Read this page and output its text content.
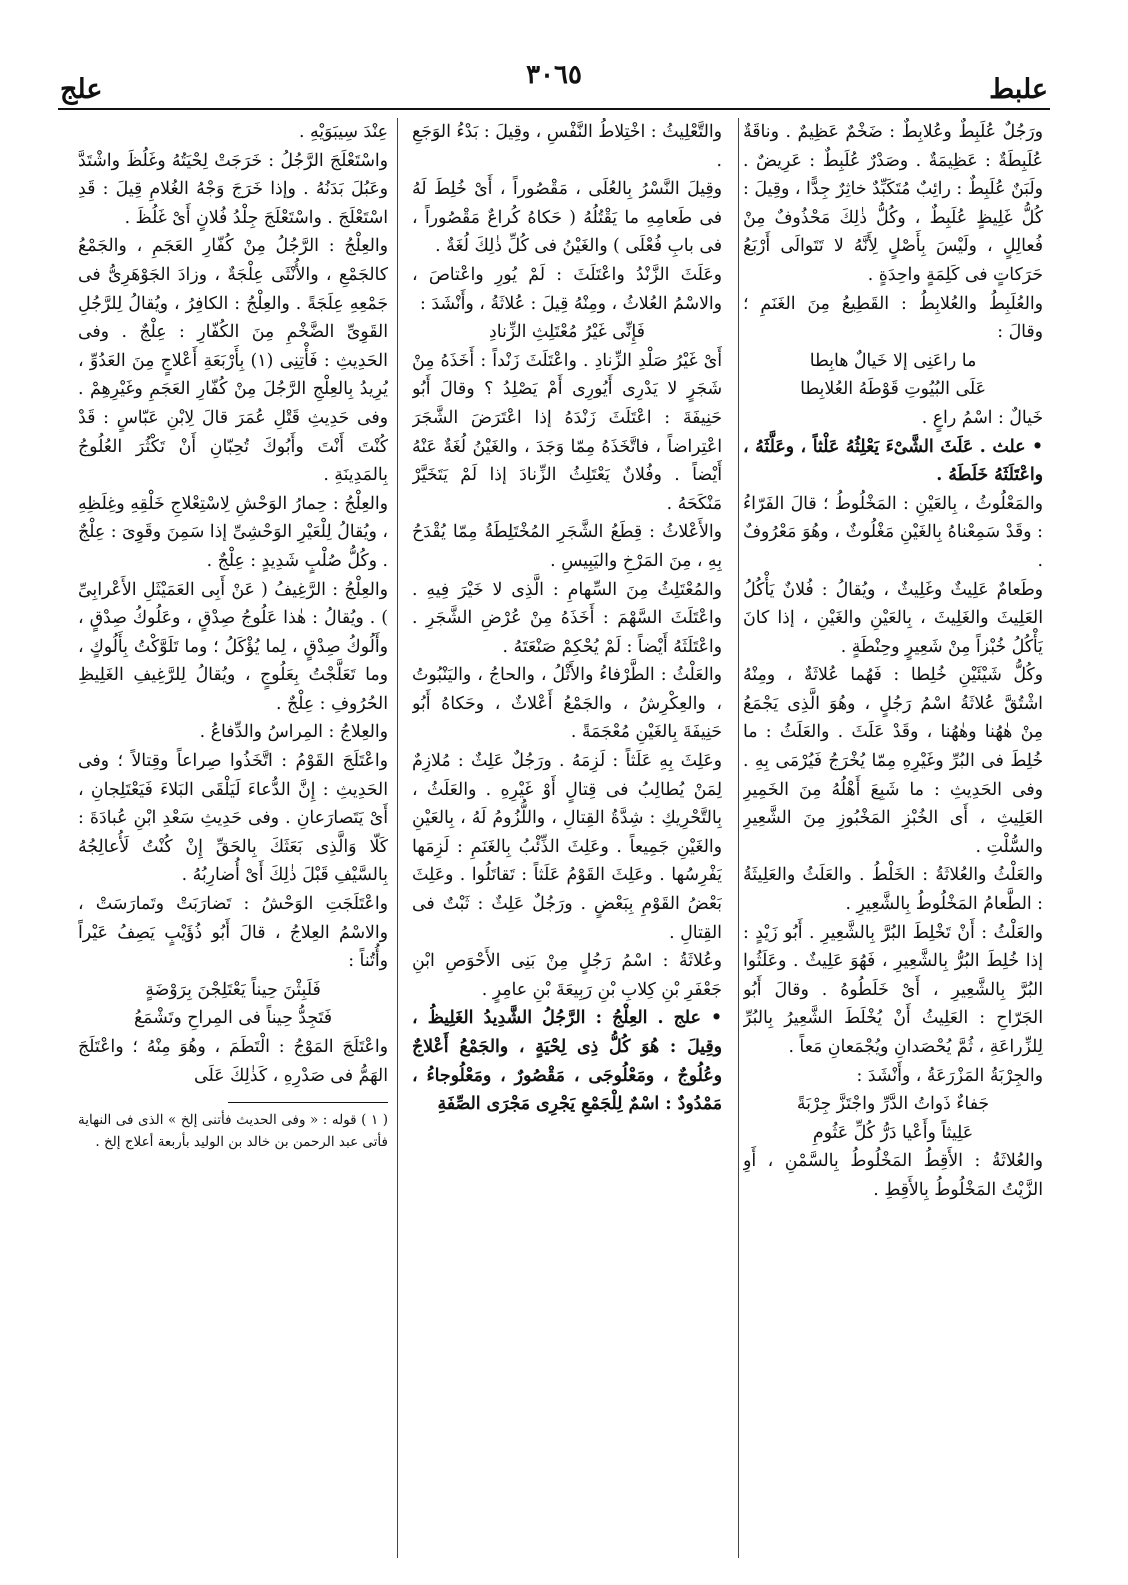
علبط
٣٠٦٥
علج

ورَجُلٌ عُلَبِطٌ وعُلابِطٌ : ضَخْمٌ عَظِيمٌ . وناقَةٌ عُلَبِطَةٌ : عَظِيمَةٌ . وصَدْرٌ عُلَبِطٌ : عَرِيضٌ . ولَبَنٌ عُلَبِطٌ : رائِبٌ مُتَكَبِّدٌ خاثِرٌ جِدًّا ، وقِيلَ : كُلُّ غَلِيظٍ عُلَبِطٌ ، وكُلُّ ذٰلِكَ مَحْذُوفٌ مِنْ فُعالِلٍ ، ولَيْسَ بِأَصْلٍ لِأَنَّهُ لا تَتَوالَى أَرْبَعُ حَرَكاتٍ فى كَلِمَةٍ واحِدَةٍ .

والعُلَبِطُ والعُلابِطُ : القَطِيعُ مِنَ الغَنَمِ ؛ وقالَ :

ما راعَنِى إلا خَيالٌ هابِطا

عَلَى البُيُوتِ قَوْطَهُ العُلابِطا

خَيالٌ : اسْمُ راعٍ .

• علث . عَلَثَ الشَّىْءَ يَعْلِثُهُ عَلْثاً ، وعَلَّثَهُ ، واعْتَلَثَهُ خَلَطَهُ .

والمَعْلُوثُ ، بِالعَيْنِ : المَخْلُوطُ ؛ قالَ الفَرّاءُ : وقَدْ سَمِعْناهُ بِالغَيْنِ مَغْلُوثٌ ، وهُوَ مَعْرُوفٌ .

وطَعامٌ عَلِيثٌ وغَلِيثٌ ، ويُقالُ : فُلانٌ يَأْكُلُ العَلِيثَ والغَلِيثَ ، بِالعَيْنِ والغَيْنِ ، إذا كانَ يَأْكُلُ خُبْزاً مِنْ شَعِيرٍ وحِنْطَةٍ .

وكُلُّ شَيْئَيْنِ خُلِطا : فَهُما عُلاثَةٌ ، ومِنْهُ اشْتُقَّ عُلاثَةُ اسْمُ رَجُلٍ ، وهُوَ الَّذِى يَجْمَعُ مِنْ هٰهُنا وهٰهُنا ، وقَدْ عَلَثَ . والعَلَثُ : ما خُلِطَ فى البُرِّ وغَيْرِهِ مِمّا يُخْرَجُ فَيُرْمَى بِهِ . وفى الحَدِيثِ : ما شَبِعَ أَهْلُهُ مِنَ الخَمِيرِ العَلِيثِ ، أَى الخُبْزِ المَخْبُوزِ مِنَ الشَّعِيرِ والسُّلْتِ .

والعَلْثُ والعُلاثَةُ : الخَلْطُ . والعَلَثُ والعَلِيثَةُ : الطَّعامُ المَخْلُوطُ بِالشَّعِيرِ .

والعَلْثُ : أَنْ تَخْلِطَ البُرَّ بِالشَّعِيرِ . أَبُو زَيْدٍ : إذا خُلِطَ البُرُّ بِالشَّعِيرِ ، فَهُوَ عَلِيثٌ . وعَلَثُوا البُرَّ بِالشَّعِيرِ ، أَىْ خَلَطُوهُ . وقالَ أَبُو الجَرّاحِ : العَلِيثُ أَنْ يُخْلَطَ الشَّعِيرُ بِالبُرِّ لِلزِّراعَةِ ، ثُمَّ يُحْصَدانِ ويُجْمَعانِ مَعاً .

والجِرْبَةُ المَزْرَعَةُ ، وأَنْشَدَ :

جَفاءٌ ذَواتُ الدَّرِّ واجْتَزَّ جِرْبَةً

عَلِيثاً وأَعْيا دَرُّ كُلِّ عَثُومِ

والعُلاثَةُ : الأَقِطُ المَخْلُوطُ بِالسَّمْنِ ، أَوِ الزَّيْتُ المَخْلُوطُ بِالأَقِطِ .

والتَّعْلِيثُ : اخْتِلاطُ النَّفْسِ ، وقِيلَ : بَدْءُ الوَجَعِ .

وقِيلَ النَّسْرُ بِالعُلَى ، مَقْصُوراً ، أَىْ خُلِطَ لَهُ فى طَعامِهِ ما يَقْتُلُهُ ( حَكاهُ كُراعٌ مَقْصُوراً ، فى بابِ فُعْلَى ) والغَيْنُ فى كُلِّ ذٰلِكَ لُغَةٌ .

وعَلَثَ الزَّنْدُ واعْتَلَثَ : لَمْ يُورِ واعْتاصَ ، والاسْمُ العُلاثُ ، ومِنْهُ قِيلَ : عُلاثَةُ ، وأَنْشَدَ :

فَإِنِّى غَيْرُ مُعْتَلِثِ الزِّنادِ

أَىْ غَيْرُ صَلْدِ الزِّنادِ . واعْتَلَثَ زَنْداً : أَخَذَهُ مِنْ شَجَرٍ لا يَدْرِى أَيُورِى أَمْ يَصْلِدُ ؟ وقالَ أَبُو حَنِيفَةَ : اعْتَلَثَ زَنْدَهُ إذا اعْتَرَضَ الشَّجَرَ اعْتِراضاً ، فاتَّخَذَهُ مِمّا وَجَدَ ، والغَيْنُ لُغَةٌ عَنْهُ أَيْضاً . وفُلانٌ يَعْتَلِثُ الزِّنادَ إذا لَمْ يَتَخَيَّرْ مَنْكَحَهُ .

والأَعْلاثُ : قِطَعُ الشَّجَرِ المُخْتَلِطَةُ مِمّا يُقْدَحُ بِهِ ، مِنَ المَرْخِ واليَبِيسِ .

والمُعْتَلِثُ مِنَ السِّهامِ : الَّذِى لا خَيْرَ فِيهِ . واعْتَلَثَ السَّهْمَ : أَخَذَهُ مِنْ عُرْضِ الشَّجَرِ . واعْتَلَثَهُ أَيْضاً : لَمْ يُحْكِمْ صَنْعَتَهُ .

والعَلْثُ : الطَّرْفاءُ والأَثْلُ ، والحاجُ ، واليَنْبُوتُ ، والعِكْرِشُ ، والجَمْعُ أَعْلاثٌ ، وحَكاهُ أَبُو حَنِيفَةَ بِالغَيْنِ مُعْجَمَةً .

وعَلِثَ بِهِ عَلَثاً : لَزِمَهُ . ورَجُلٌ عَلِثٌ : مُلازِمٌ لِمَنْ يُطالِبُ فى قِتالٍ أَوْ غَيْرِهِ . والعَلَثُ ، بِالتَّحْرِيكِ : شِدَّةُ القِتالِ ، واللُّزُومُ لَهُ ، بِالعَيْنِ والغَيْنِ جَمِيعاً . وعَلِثَ الذِّئْبُ بِالغَنَمِ : لَزِمَها يَفْرِسُها . وعَلِثَ القَوْمُ عَلَثاً : تَقاتَلُوا . وعَلِثَ بَعْضُ القَوْمِ بِبَعْضٍ . ورَجُلٌ عَلِثٌ : ثَبْتٌ فى القِتالِ .

وعُلاثَةُ : اسْمُ رَجُلٍ مِنْ بَنِى الأَحْوَصِ ابْنِ جَعْفَرِ بْنِ كِلابِ بْنِ رَبِيعَةَ بْنِ عامِرٍ .

• علج . العِلْجُ : الرَّجُلُ الشَّدِيدُ الغَلِيظُ ، وقِيلَ : هُوَ كُلُّ ذِى لِحْيَةٍ ، والجَمْعُ أَعْلاجٌ وعُلُوجٌ ، ومَعْلُوجَى ، مَقْصُورٌ ، ومَعْلُوجاءُ ، مَمْدُودٌ : اسْمٌ لِلْجَمْعِ يَجْرِى مَجْرَى الصِّفَةِ

عِنْدَ سِيبَوَيْهِ .

واسْتَعْلَجَ الرَّجُلُ : خَرَجَتْ لِحْيَتُهُ وغَلُظَ واشْتَدَّ وعَبُلَ بَدَنُهُ . وإذا خَرَجَ وَجْهُ الغُلامِ قِيلَ : قَدِ اسْتَعْلَجَ . واسْتَعْلَجَ جِلْدُ فُلانٍ أَىْ غَلُظَ .

والعِلْجُ : الرَّجُلُ مِنْ كُفّارِ العَجَمِ ، والجَمْعُ كالجَمْعِ ، والأُنْثَى عِلْجَةٌ ، وزادَ الجَوْهَرِىُّ فى جَمْعِهِ عِلَجَةً . والعِلْجُ : الكافِرُ ، ويُقالُ لِلرَّجُلِ القَوِىِّ الضَّخْمِ مِنَ الكُفّارِ : عِلْجٌ . وفى الحَدِيثِ : فَأْتِنِى (١) بِأَرْبَعَةِ أَعْلاجٍ مِنَ العَدُوِّ ، يُرِيدُ بِالعِلْجِ الرَّجُلَ مِنْ كُفّارِ العَجَمِ وغَيْرِهِمْ . وفى حَدِيثِ قَتْلِ عُمَرَ قالَ لِابْنِ عَبّاسٍ : قَدْ كُنْتَ أَنْتَ وأَبُوكَ تُحِبّانِ أَنْ تَكْثُرَ العُلُوجُ بِالمَدِينَةِ .

والعِلْجُ : حِمارُ الوَحْشِ لِاسْتِعْلاجِ خَلْقِهِ وغِلَظِهِ ، ويُقالُ لِلْعَيْرِ الوَحْشِىِّ إذا سَمِنَ وقَوِىَ : عِلْجٌ . وكُلُّ صُلْبٍ شَدِيدٍ : عِلْجٌ .

والعِلْجُ : الرَّغِيفُ ( عَنْ أَبِى العَمَيْثَلِ الأَعْرابِىِّ ) . ويُقالُ : هٰذا عَلُوجُ صِدْقٍ ، وعَلُوكُ صِدْقٍ ، وأَلُوكُ صِدْقٍ ، لِما يُؤْكَلُ ؛ وما تَلَوَّكْتُ بِأَلُوكٍ ، وما تَعَلَّجْتُ بِعَلُوجٍ ، ويُقالُ لِلرَّغِيفِ الغَلِيظِ الحُرُوفِ : عِلْجٌ .

والعِلاجُ : المِراسُ والدِّفاعُ .

واعْتَلَجَ القَوْمُ : اتَّخَذُوا صِراعاً وقِتالاً ؛ وفى الحَدِيثِ : إِنَّ الدُّعاءَ لَيَلْقَى البَلاءَ فَيَعْتَلِجانِ ، أَىْ يَتَصارَعانِ . وفى حَدِيثِ سَعْدِ ابْنِ عُبادَةَ : كَلّا وَالَّذِى بَعَثَكَ بِالحَقِّ إِنْ كُنْتُ لَأُعالِجُهُ بِالسَّيْفِ قَبْلَ ذٰلِكَ أَىْ أُضارِبُهُ .

واعْتَلَجَتِ الوَحْشُ : تَضارَبَتْ وتَمارَسَتْ ، والاسْمُ العِلاجُ ، قالَ أَبُو ذُؤَيْبٍ يَصِفُ عَيْراً وأُتُناً :

فَلَبِثْنَ حِيناً يَعْتَلِجْنَ بِرَوْضَةٍ

فَتَجِدُّ حِيناً فى المِراحِ وتَشْمَعُ

واعْتَلَجَ المَوْجُ : الْتَطَمَ ، وهُوَ مِنْهُ ؛ واعْتَلَجَ الهَمُّ فى صَدْرِهِ ، كَذٰلِكَ عَلَى

( ١ ) قوله : « وفى الحديث فأتنى إلخ » الذى فى النهاية فأتى عبد الرحمن بن خالد بن الوليد بأربعة أعلاج إلخ .
